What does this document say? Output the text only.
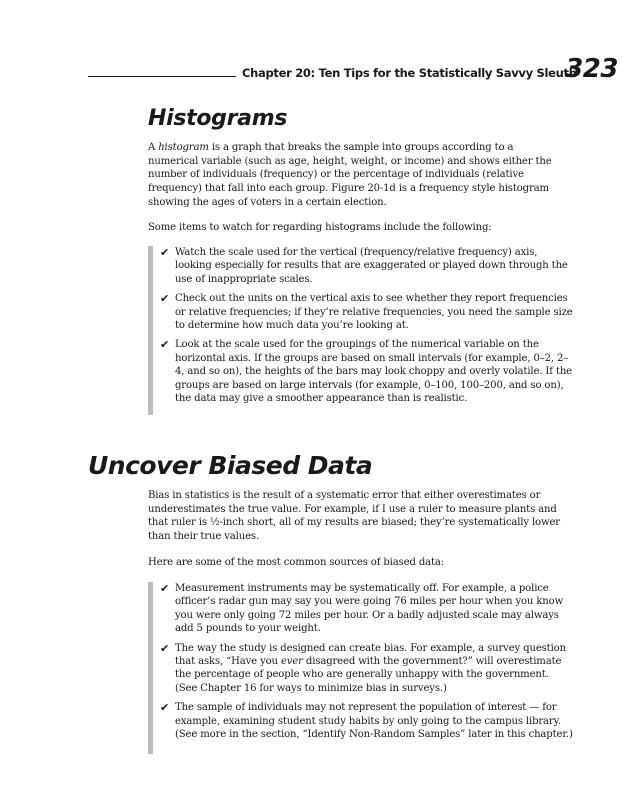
Chapter 20: Ten Tips for the Statistically Savvy Sleuth
323
Histograms

A histogram is a graph that breaks the sample into groups according to a numerical variable (such as age, height, weight, or income) and shows either the number of individuals (frequency) or the percentage of individuals (relative frequency) that fall into each group. Figure 20-1d is a frequency style histogram showing the ages of voters in a certain election.

Some items to watch for regarding histograms include the following:

✔ Watch the scale used for the vertical (frequency/relative frequency) axis, looking especially for results that are exaggerated or played down through the use of inappropriate scales.
✔ Check out the units on the vertical axis to see whether they report frequencies or relative frequencies; if they’re relative frequencies, you need the sample size to determine how much data you’re looking at.
✔ Look at the scale used for the groupings of the numerical variable on the horizontal axis. If the groups are based on small intervals (for example, 0–2, 2–4, and so on), the heights of the bars may look choppy and overly volatile. If the groups are based on large intervals (for example, 0–100, 100–200, and so on), the data may give a smoother appearance than is realistic.
Uncover Biased Data

Bias in statistics is the result of a systematic error that either overestimates or underestimates the true value. For example, if I use a ruler to measure plants and that ruler is ½-inch short, all of my results are biased; they’re systematically lower than their true values.

Here are some of the most common sources of biased data:

✔ Measurement instruments may be systematically off. For example, a police officer’s radar gun may say you were going 76 miles per hour when you know you were only going 72 miles per hour. Or a badly adjusted scale may always add 5 pounds to your weight.
✔ The way the study is designed can create bias. For example, a survey question that asks, “Have you ever disagreed with the government?” will overestimate the percentage of people who are generally unhappy with the government. (See Chapter 16 for ways to minimize bias in surveys.)
✔ The sample of individuals may not represent the population of interest — for example, examining student study habits by only going to the campus library. (See more in the section, “Identify Non-Random Samples” later in this chapter.)
